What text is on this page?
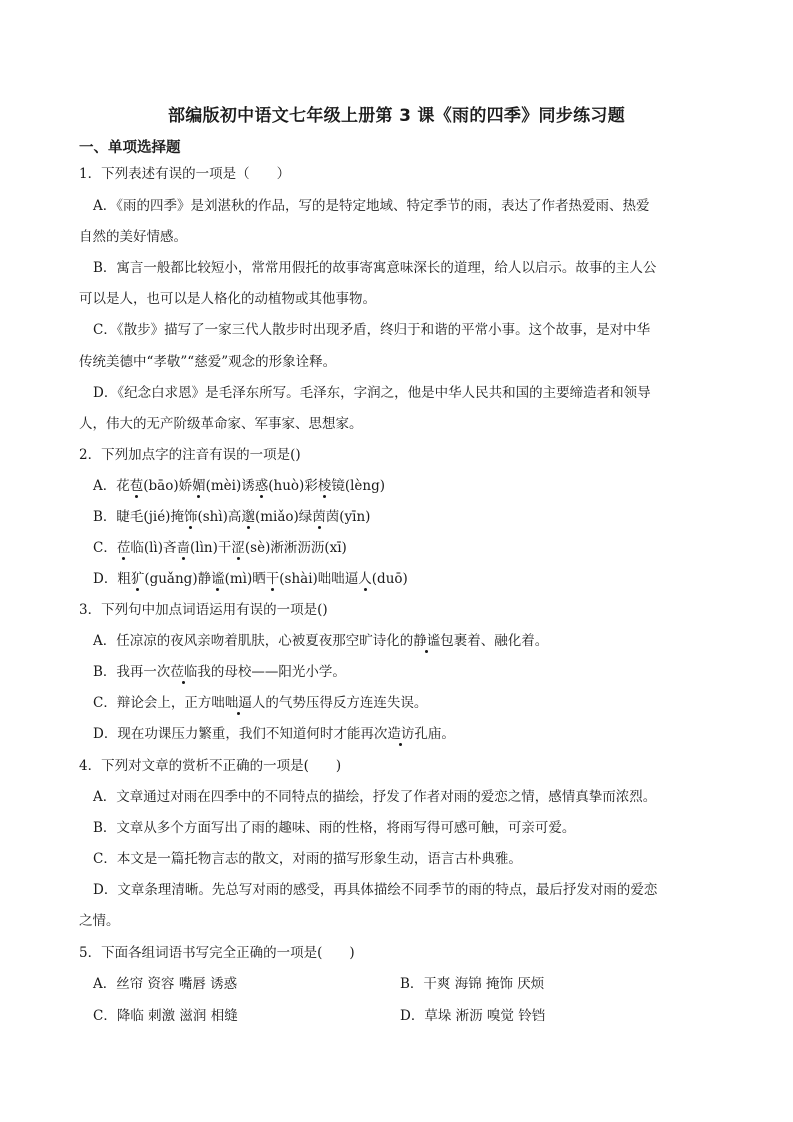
部编版初中语文七年级上册第 3 课《雨的四季》同步练习题
一、单项选择题
1．下列表述有误的一项是（　　）
A．《雨的四季》是刘湛秋的作品，写的是特定地域、特定季节的雨，表达了作者热爱雨、热爱
自然的美好情感。
B．寓言一般都比较短小，常常用假托的故事寄寓意味深长的道理，给人以启示。故事的主人公
可以是人，也可以是人格化的动植物或其他事物。
C．《散步》描写了一家三代人散步时出现矛盾，终归于和谐的平常小事。这个故事，是对中华
传统美德中“孝敬”“慈爱”观念的形象诠释。
D．《纪念白求恩》是毛泽东所写。毛泽东，字润之，他是中华人民共和国的主要缔造者和领导
人，伟大的无产阶级革命家、军事家、思想家。
2．下列加点字的注音有误的一项是()
A．花苞(bāo)娇媚(mèi)诱惑(huò)彩棱镜(lèng)
B．睫毛(jié)掩饰(shì)高邈(miǎo)绿茵茵(yīn)
C．莅临(lì)吝啬(lìn)干涩(sè)淅淅沥沥(xī)
D．粗犷(guǎng)静谧(mì)晒干(shài)咄咄逼人(duō)
3．下列句中加点词语运用有误的一项是()
A．任凉凉的夜风亲吻着肌肤，心被夏夜那空旷诗化的静谧包裹着、融化着。
B．我再一次莅临我的母校——阳光小学。
C．辩论会上，正方咄咄逼人的气势压得反方连连失误。
D．现在功课压力繁重，我们不知道何时才能再次造访孔庙。
4．下列对文章的赏析不正确的一项是(　　)
A．文章通过对雨在四季中的不同特点的描绘，抒发了作者对雨的爱恋之情，感情真挚而浓烈。
B．文章从多个方面写出了雨的趣味、雨的性格，将雨写得可感可触，可亲可爱。
C．本文是一篇托物言志的散文，对雨的描写形象生动，语言古朴典雅。
D．文章条理清晰。先总写对雨的感受，再具体描绘不同季节的雨的特点，最后抒发对雨的爱恋
之情。
5．下面各组词语书写完全正确的一项是(　　)
A．丝帘 资容 嘴唇 诱惑	B．干爽 海锦 掩饰 厌烦
C．降临 刺激 滋润 相缝	D．草垛 淅沥 嗅觉 铃铛
